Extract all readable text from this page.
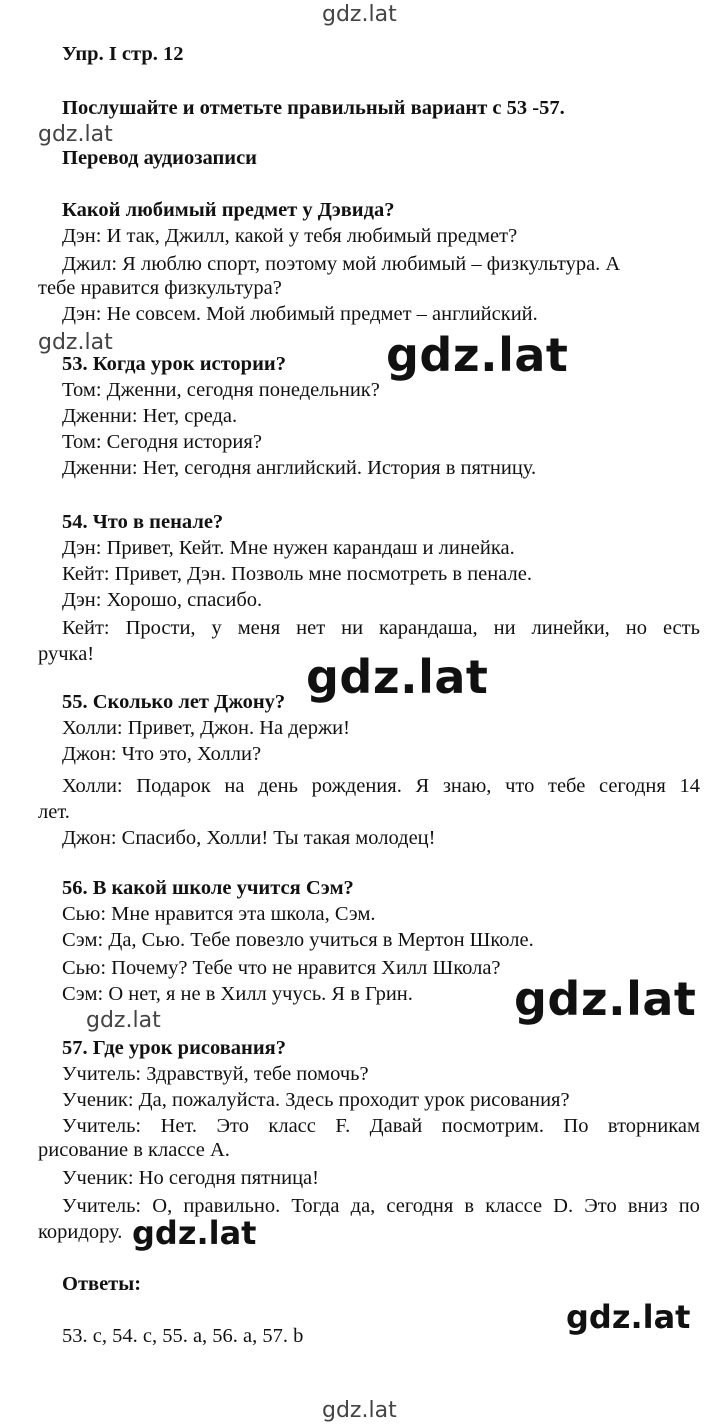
gdz.lat
gdz.lat
gdz.lat	gdz.lat
gdz.lat
gdz.lat
gdz.lat
gdz.lat
gdz.lat
gdz.lat
Упр. I стр. 12
Послушайте и отметьте правильный вариант с 53 -57.
Перевод аудиозаписи
Какой любимый предмет у Дэвида?
Дэн: И так, Джилл, какой у тебя любимый предмет?
Джил: Я люблю спорт, поэтому мой любимый – физкультура. А
тебе нравится физкультура?
Дэн: Не совсем. Мой любимый предмет – английский.
53. Когда урок истории?
Том: Дженни, сегодня понедельник?
Дженни: Нет, среда.
Том: Сегодня история?
Дженни: Нет, сегодня английский. История в пятницу.
54. Что в пенале?
Дэн: Привет, Кейт. Мне нужен карандаш и линейка.
Кейт: Привет, Дэн. Позволь мне посмотреть в пенале.
Дэн: Хорошо, спасибо.
Кейт: Прости, у меня нет ни карандаша, ни линейки, но есть
ручка!
55. Сколько лет Джону?
Холли: Привет, Джон. На держи!
Джон: Что это, Холли?
Холли: Подарок на день рождения. Я знаю, что тебе сегодня 14
лет.
Джон: Спасибо, Холли! Ты такая молодец!
56. В какой школе учится Сэм?
Сью: Мне нравится эта школа, Сэм.
Сэм: Да, Сью. Тебе повезло учиться в Мертон Школе.
Сью: Почему? Тебе что не нравится Хилл Школа?
Сэм: О нет, я не в Хилл учусь. Я в Грин.
57. Где урок рисования?
Учитель: Здравствуй, тебе помочь?
Ученик: Да, пожалуйста. Здесь проходит урок рисования?
Учитель: Нет. Это класс F. Давай посмотрим. По вторникам
рисование в классе А.
Ученик: Но сегодня пятница!
Учитель: О, правильно. Тогда да, сегодня в классе D. Это вниз по
коридору.
Ответы:
53. с, 54. с, 55. а, 56. а, 57. b
